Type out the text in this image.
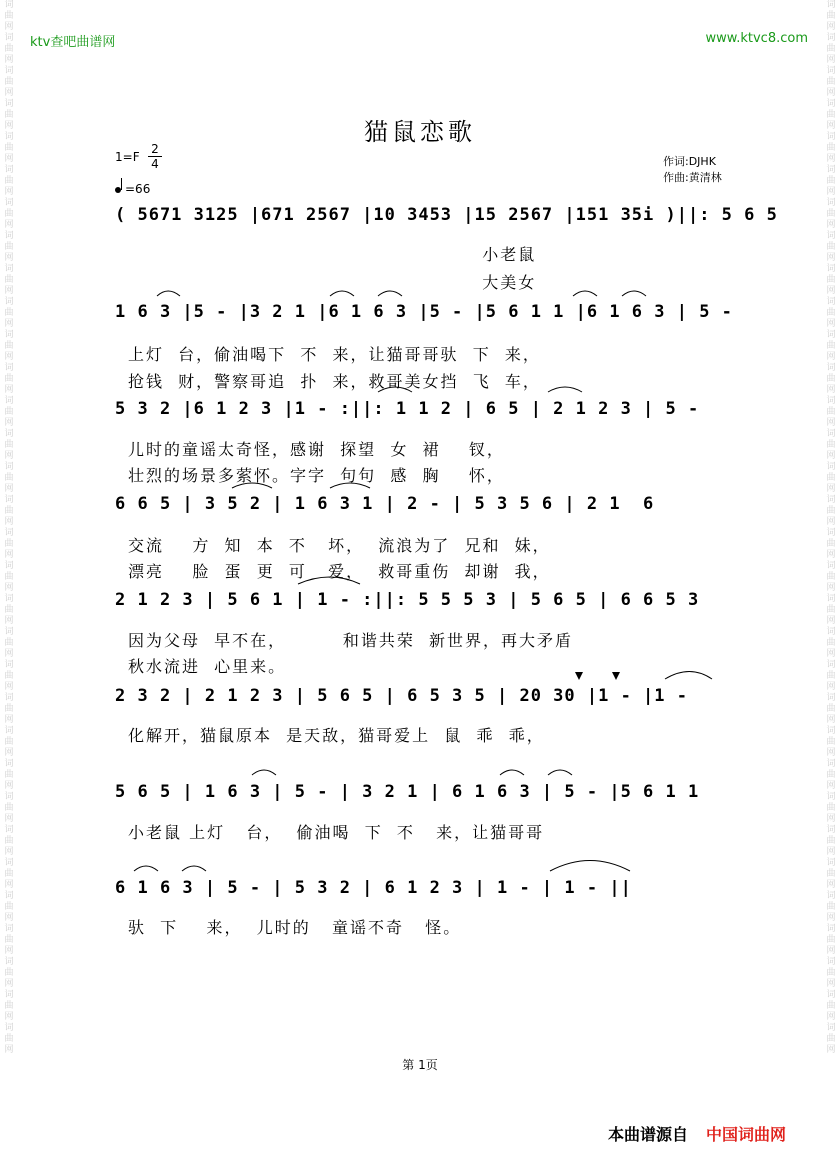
词曲网词曲网词曲网词曲网词曲网词曲网词曲网词曲网词曲网词曲网词曲网词曲网词曲网词曲网词曲网词曲网词曲网词曲网词曲网词曲网词曲网词曲网词曲网词曲网词曲网词曲网词曲网词曲网词曲网词曲网词曲网词曲网
词曲网词曲网词曲网词曲网词曲网词曲网词曲网词曲网词曲网词曲网词曲网词曲网词曲网词曲网词曲网词曲网词曲网词曲网词曲网词曲网词曲网词曲网词曲网词曲网词曲网词曲网词曲网词曲网词曲网词曲网词曲网词曲网
ktv查吧曲谱网	www.ktvc8.com
猫鼠恋歌
1=F
2
4
=66
作词:DJHK
作曲:黄清林
( 5671 3125 |671 2567 |10 3453 |15 2567 |151 35i )||: 5 6 5
小老鼠
大美女
1 6 3 |5 - |3 2 1 |6 1 6 3 |5 - |5 6 1 1 |6 1 6 3 | 5 -
上灯  台，偷油喝下  不  来，让猫哥哥驮  下  来，
抢钱  财，警察哥追  扑  来，救哥美女挡  飞  车，
5 3 2 |6 1 2 3 |1 - :||: 1 1 2 | 6 5 | 2 1 2 3 | 5 -
儿时的童谣太奇怪，感谢  探望  女  裙    钗，
壮烈的场景多萦怀。字字  句句  感  胸    怀，
6 6 5 | 3 5 2 | 1 6 3 1 | 2 - | 5 3 5 6 | 2 1  6
交流    方  知  本  不   坏，  流浪为了  兄和  妹，
漂亮    脸  蛋  更  可   爱，  救哥重伤  却谢  我，
2 1 2 3 | 5 6 1 | 1 - :||: 5 5 5 3 | 5 6 5 | 6 6 5 3
因为父母  早不在，        和谐共荣  新世界，再大矛盾
秋水流进  心里来。
2 3 2 | 2 1 2 3 | 5 6 5 | 6 5 3 5 | 20 30 |1 - |1 -
化解开，猫鼠原本  是天敌，猫哥爱上  鼠  乖  乖，
5 6 5 | 1 6 3 | 5 - | 3 2 1 | 6 1 6 3 | 5 - |5 6 1 1
小老鼠 上灯   台，  偷油喝  下  不   来，让猫哥哥
6 1 6 3 | 5 - | 5 3 2 | 6 1 2 3 | 1 - | 1 - ||
驮  下    来，  儿时的   童谣不奇   怪。
第 1页
本曲谱源自 中国词曲网
